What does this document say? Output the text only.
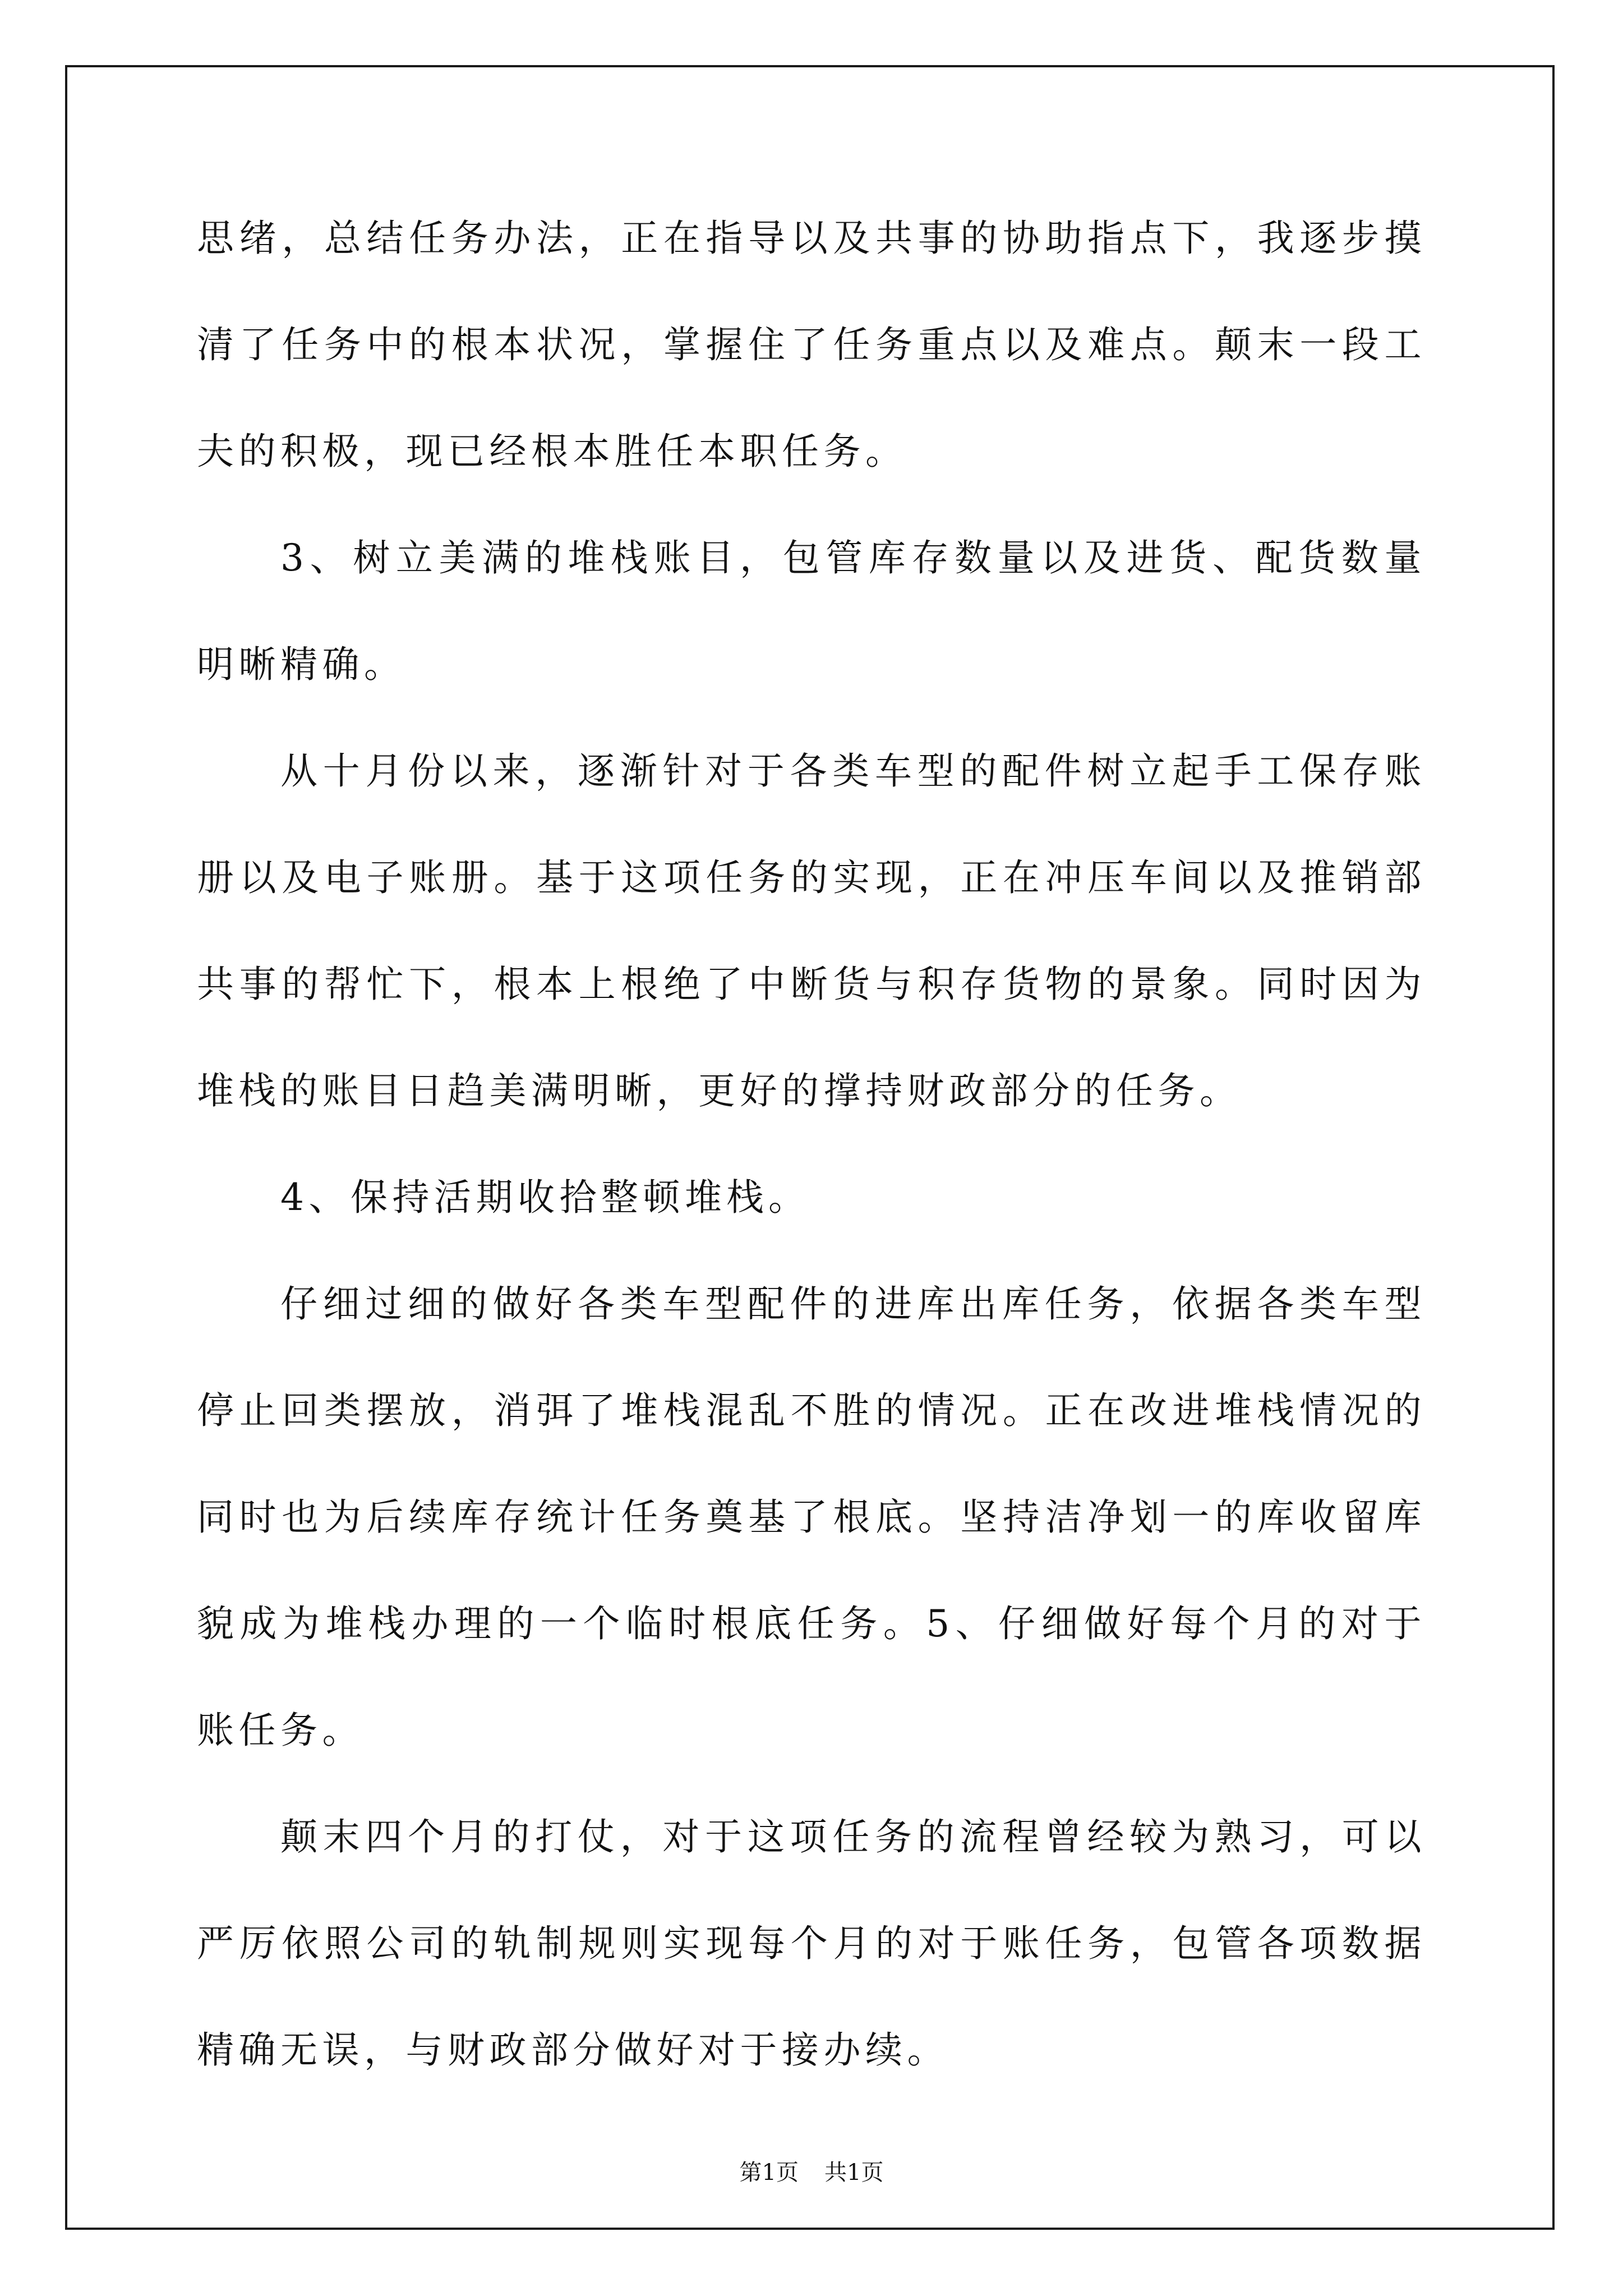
思绪，总结任务办法，正在指导以及共事的协助指点下，我逐步摸清了任务中的根本状况，掌握住了任务重点以及难点。颠末一段工夫的积极，现已经根本胜任本职任务。

3、树立美满的堆栈账目，包管库存数量以及进货、配货数量明晰精确。

从十月份以来，逐渐针对于各类车型的配件树立起手工保存账册以及电子账册。基于这项任务的实现，正在冲压车间以及推销部共事的帮忙下，根本上根绝了中断货与积存货物的景象。同时因为堆栈的账目日趋美满明晰，更好的撑持财政部分的任务。

4、保持活期收拾整顿堆栈。

仔细过细的做好各类车型配件的进库出库任务，依据各类车型停止回类摆放，消弭了堆栈混乱不胜的情况。正在改进堆栈情况的同时也为后续库存统计任务奠基了根底。坚持洁净划一的库收留库貌成为堆栈办理的一个临时根底任务。5、仔细做好每个月的对于账任务。

颠末四个月的打仗，对于这项任务的流程曾经较为熟习，可以严厉依照公司的轨制规则实现每个月的对于账任务，包管各项数据精确无误，与财政部分做好对于接办续。

第1页 共1页
